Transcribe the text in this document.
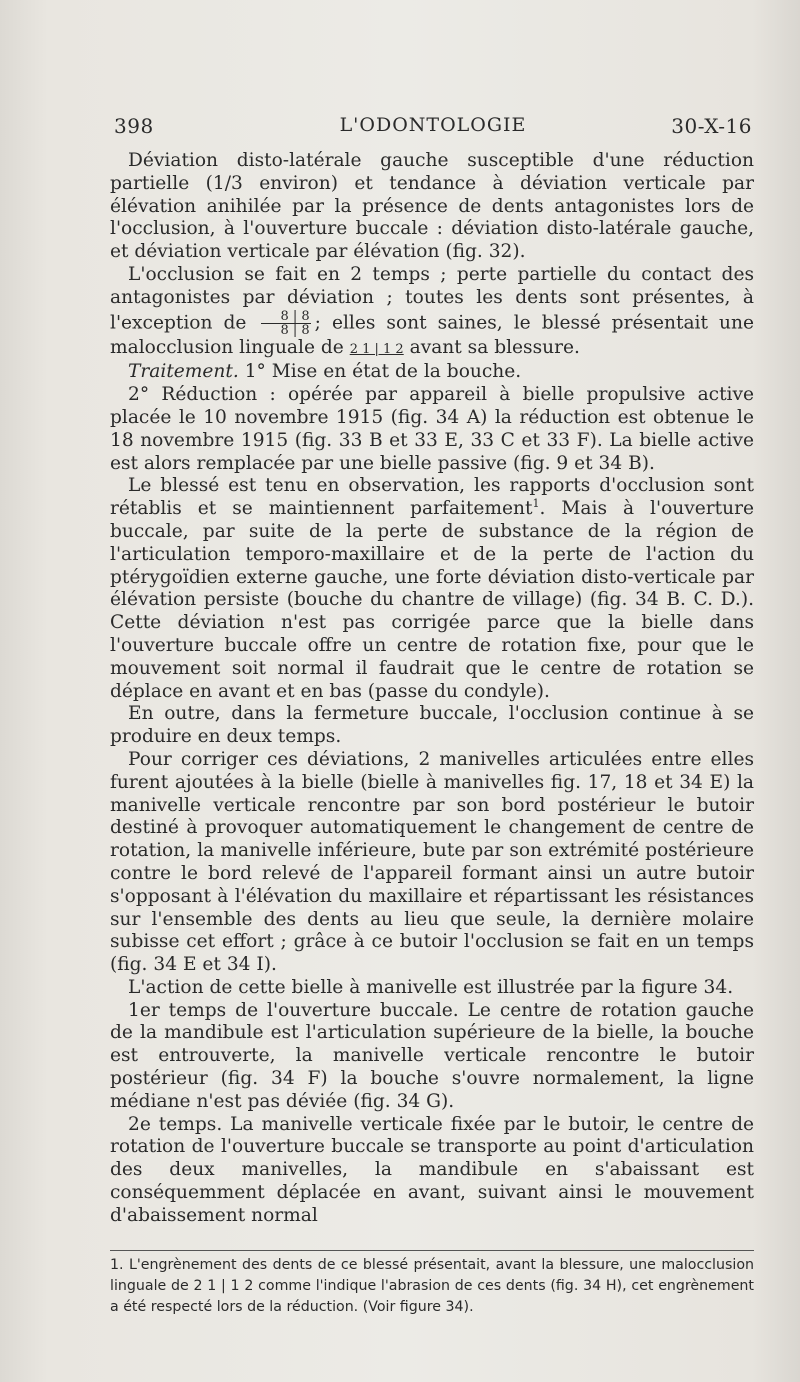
398	L'ODONTOLOGIE	30-X-16

Déviation disto-latérale gauche susceptible d'une réduction partielle (1/3 environ) et tendance à déviation verticale par élévation anihilée par la présence de dents antagonistes lors de l'occlusion, à l'ouverture buccale : déviation disto-latérale gauche, et déviation verticale par élévation (fig. 32).

L'occlusion se fait en 2 temps ; perte partielle du contact des antagonistes par déviation ; toutes les dents sont présentes, à l'exception de $\frac{8 | 8}{8 | 8}$ ; elles sont saines, le blessé présentait une malocclusion linguale de 2 1 | 1 2 avant sa blessure.

Traitement. 1° Mise en état de la bouche.

2° Réduction : opérée par appareil à bielle propulsive active placée le 10 novembre 1915 (fig. 34 A) la réduction est obtenue le 18 novembre 1915 (fig. 33 B et 33 E, 33 C et 33 F). La bielle active est alors remplacée par une bielle passive (fig. 9 et 34 B).

Le blessé est tenu en observation, les rapports d'occlusion sont rétablis et se maintiennent parfaitement$^1$. Mais à l'ouverture buccale, par suite de la perte de substance de la région de l'articulation temporo-maxillaire et de la perte de l'action du ptérygoïdien externe gauche, une forte déviation disto-verticale par élévation persiste (bouche du chantre de village) (fig. 34 B. C. D.). Cette déviation n'est pas corrigée parce que la bielle dans l'ouverture buccale offre un centre de rotation fixe, pour que le mouvement soit normal il faudrait que le centre de rotation se déplace en avant et en bas (passe du condyle).

En outre, dans la fermeture buccale, l'occlusion continue à se produire en deux temps.

Pour corriger ces déviations, 2 manivelles articulées entre elles furent ajoutées à la bielle (bielle à manivelles fig. 17, 18 et 34 E) la manivelle verticale rencontre par son bord postérieur le butoir destiné à provoquer automatiquement le changement de centre de rotation, la manivelle inférieure, bute par son extrémité postérieure contre le bord relevé de l'appareil formant ainsi un autre butoir s'opposant à l'élévation du maxillaire et répartissant les résistances sur l'ensemble des dents au lieu que seule, la dernière molaire subisse cet effort ; grâce à ce butoir l'occlusion se fait en un temps (fig. 34 E et 34 I).

L'action de cette bielle à manivelle est illustrée par la figure 34.

1er temps de l'ouverture buccale. Le centre de rotation gauche de la mandibule est l'articulation supérieure de la bielle, la bouche est entrouverte, la manivelle verticale rencontre le butoir postérieur (fig. 34 F) la bouche s'ouvre normalement, la ligne médiane n'est pas déviée (fig. 34 G).

2e temps. La manivelle verticale fixée par le butoir, le centre de rotation de l'ouverture buccale se transporte au point d'articulation des deux manivelles, la mandibule en s'abaissant est conséquemment déplacée en avant, suivant ainsi le mouvement d'abaissement normal

1. L'engrènement des dents de ce blessé présentait, avant la blessure, une malocclusion linguale de 2 1 | 1 2 comme l'indique l'abrasion de ces dents (fig. 34 H), cet engrènement a été respecté lors de la réduction. (Voir figure 34).
